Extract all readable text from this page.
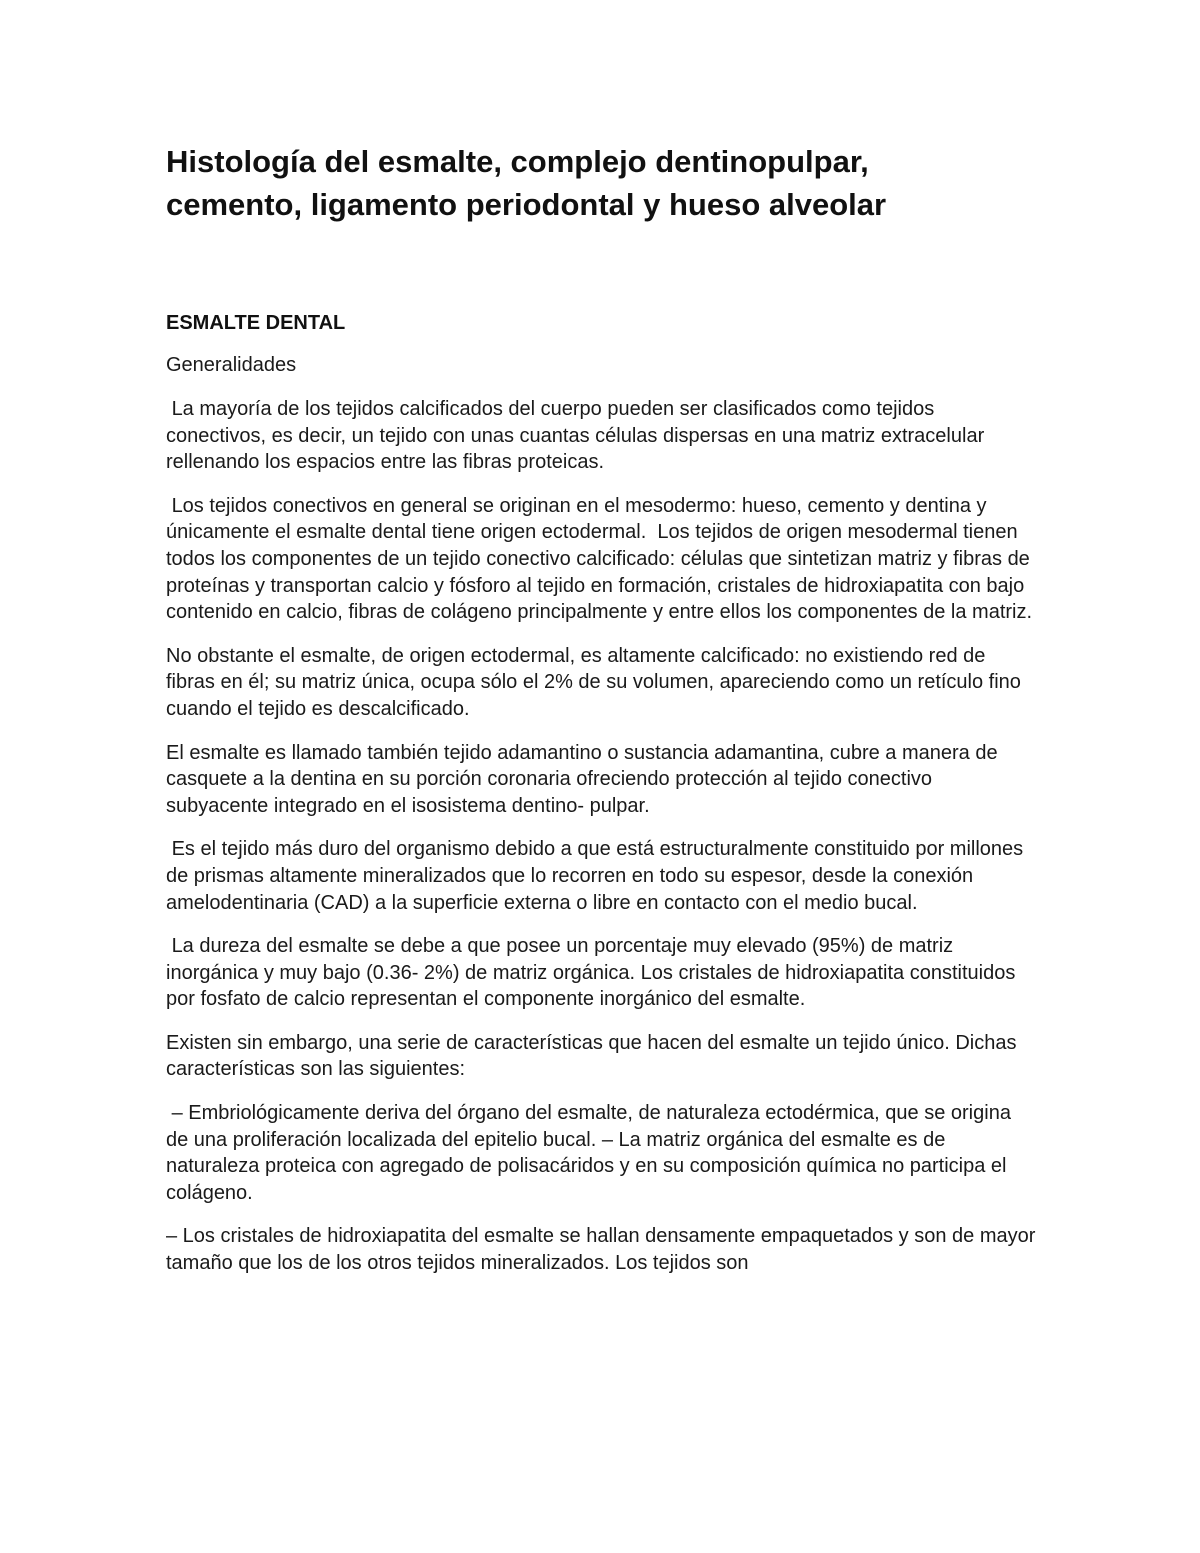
Histología del esmalte, complejo dentinopulpar,
cemento, ligamento periodontal y hueso alveolar
ESMALTE DENTAL
Generalidades

La mayoría de los tejidos calcificados del cuerpo pueden ser clasificados como tejidos conectivos, es decir, un tejido con unas cuantas células dispersas en una matriz extracelular rellenando los espacios entre las fibras proteicas.

Los tejidos conectivos en general se originan en el mesodermo: hueso, cemento y dentina y únicamente el esmalte dental tiene origen ectodermal.  Los tejidos de origen mesodermal tienen todos los componentes de un tejido conectivo calcificado: células que sintetizan matriz y fibras de proteínas y transportan calcio y fósforo al tejido en formación, cristales de hidroxiapatita con bajo contenido en calcio, fibras de colágeno principalmente y entre ellos los componentes de la matriz.

No obstante el esmalte, de origen ectodermal, es altamente calcificado: no existiendo red de fibras en él; su matriz única, ocupa sólo el 2% de su volumen, apareciendo como un retículo fino cuando el tejido es descalcificado.

El esmalte es llamado también tejido adamantino o sustancia adamantina, cubre a manera de casquete a la dentina en su porción coronaria ofreciendo protección al tejido conectivo subyacente integrado en el isosistema dentino- pulpar.

Es el tejido más duro del organismo debido a que está estructuralmente constituido por millones de prismas altamente mineralizados que lo recorren en todo su espesor, desde la conexión amelodentinaria (CAD) a la superficie externa o libre en contacto con el medio bucal.

La dureza del esmalte se debe a que posee un porcentaje muy elevado (95%) de matriz inorgánica y muy bajo (0.36- 2%) de matriz orgánica. Los cristales de hidroxiapatita constituidos por fosfato de calcio representan el componente inorgánico del esmalte.

Existen sin embargo, una serie de características que hacen del esmalte un tejido único. Dichas características son las siguientes:

– Embriológicamente deriva del órgano del esmalte, de naturaleza ectodérmica, que se origina de una proliferación localizada del epitelio bucal. – La matriz orgánica del esmalte es de naturaleza proteica con agregado de polisacáridos y en su composición química no participa el colágeno.

– Los cristales de hidroxiapatita del esmalte se hallan densamente empaquetados y son de mayor tamaño que los de los otros tejidos mineralizados. Los tejidos son
